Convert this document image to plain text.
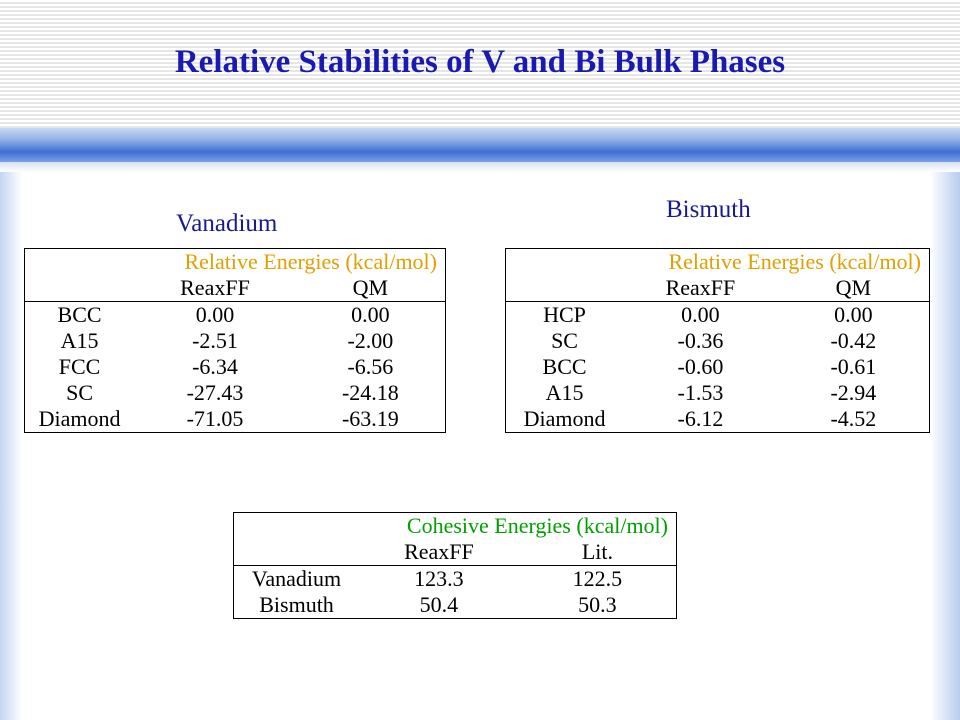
Relative Stabilities of V and Bi Bulk Phases
Vanadium
Bismuth
	Relative Energies (kcal/mol)	
	ReaxFF	QM
BCC	0.00	0.00
A15	-2.51	-2.00
FCC	-6.34	-6.56
SC	-27.43	-24.18
Diamond	-71.05	-63.19
	Relative Energies (kcal/mol)	
	ReaxFF	QM
HCP	0.00	0.00
SC	-0.36	-0.42
BCC	-0.60	-0.61
A15	-1.53	-2.94
Diamond	-6.12	-4.52
	Cohesive Energies (kcal/mol)	
	ReaxFF	Lit.
Vanadium	123.3	122.5
Bismuth	50.4	50.3
